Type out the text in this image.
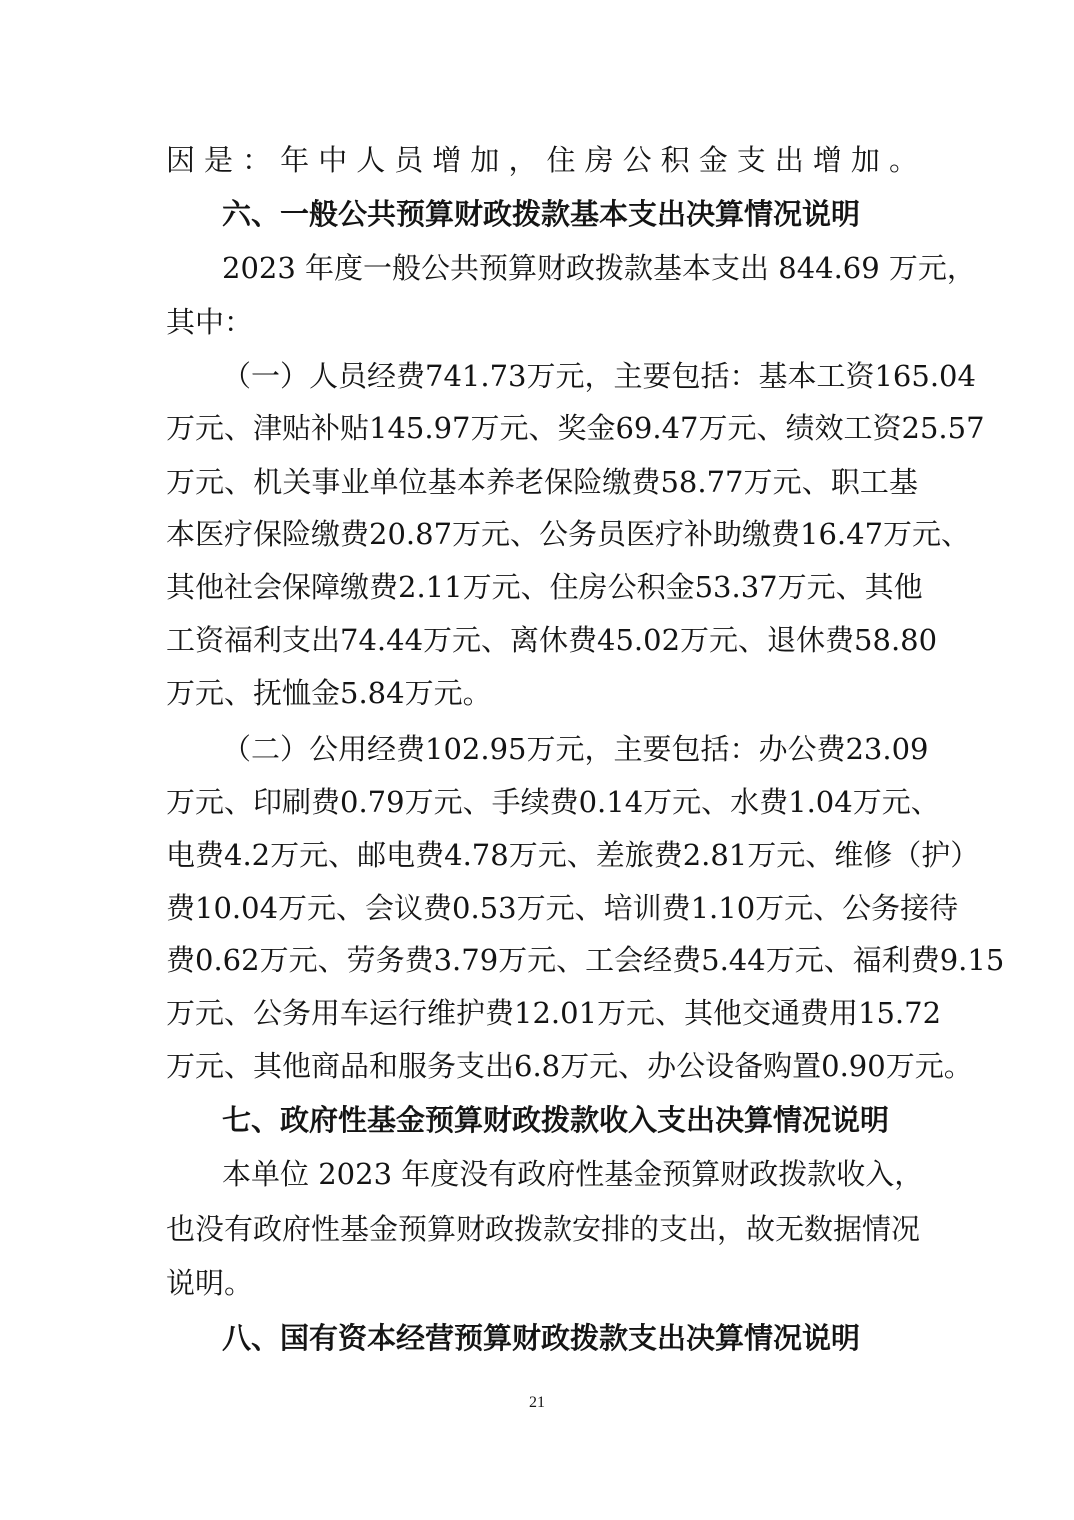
因是：年中人员增加，住房公积金支出增加。
六、一般公共预算财政拨款基本支出决算情况说明
2023 年度一般公共预算财政拨款基本支出 844.69 万元，
其中：
（一）人员经费741.73万元，主要包括：基本工资165.04
万元、津贴补贴145.97万元、奖金69.47万元、绩效工资25.57
万元、机关事业单位基本养老保险缴费58.77万元、职工基
本医疗保险缴费20.87万元、公务员医疗补助缴费16.47万元、
其他社会保障缴费2.11万元、住房公积金53.37万元、其他
工资福利支出74.44万元、离休费45.02万元、退休费58.80
万元、抚恤金5.84万元。
（二）公用经费102.95万元，主要包括：办公费23.09
万元、印刷费0.79万元、手续费0.14万元、水费1.04万元、
电费4.2万元、邮电费4.78万元、差旅费2.81万元、维修（护）
费10.04万元、会议费0.53万元、培训费1.10万元、公务接待
费0.62万元、劳务费3.79万元、工会经费5.44万元、福利费9.15
万元、公务用车运行维护费12.01万元、其他交通费用15.72
万元、其他商品和服务支出6.8万元、办公设备购置0.90万元。
七、政府性基金预算财政拨款收入支出决算情况说明
本单位 2023 年度没有政府性基金预算财政拨款收入，
也没有政府性基金预算财政拨款安排的支出，故无数据情况
说明。
八、国有资本经营预算财政拨款支出决算情况说明
21
